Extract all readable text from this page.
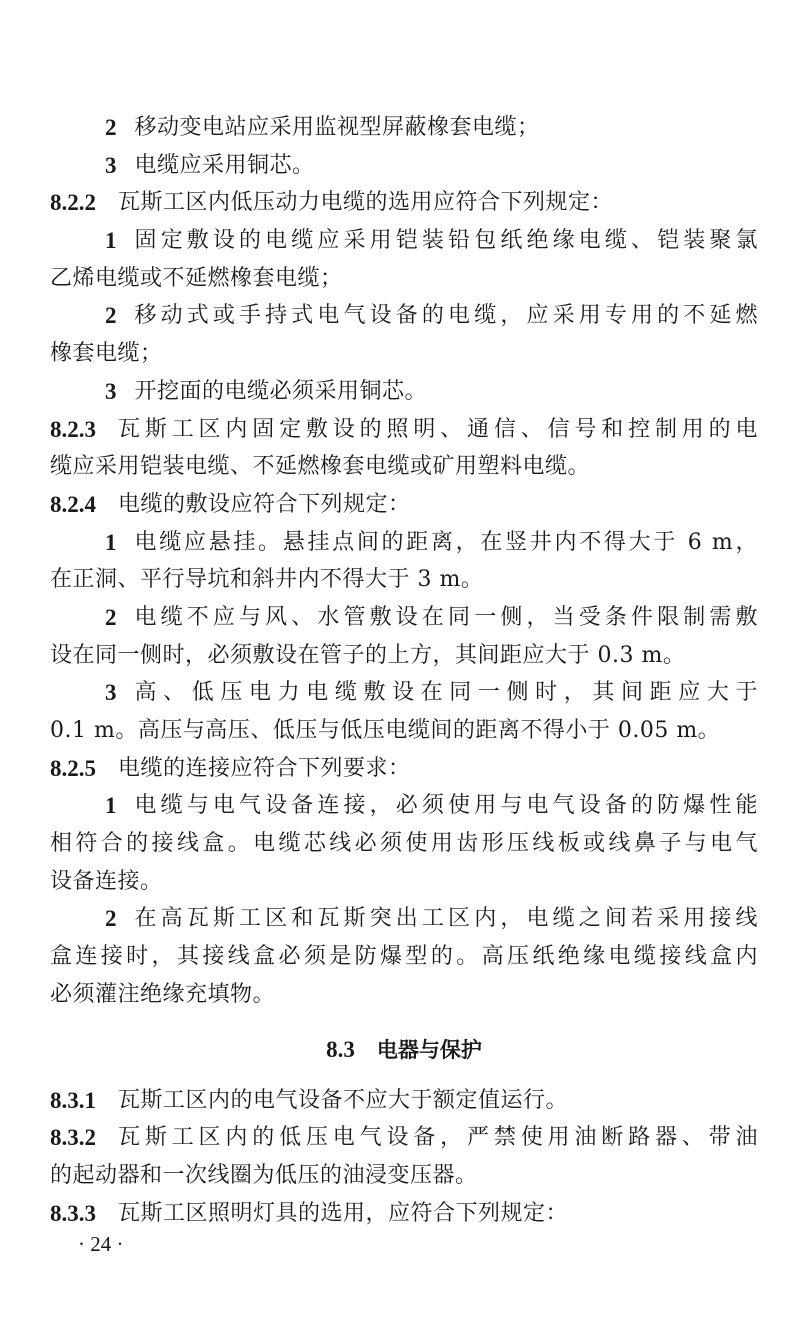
2 移动变电站应采用监视型屏蔽橡套电缆；
3 电缆应采用铜芯。
8.2.2 瓦斯工区内低压动力电缆的选用应符合下列规定：
1 固定敷设的电缆应采用铠装铅包纸绝缘电缆、铠装聚氯
乙烯电缆或不延燃橡套电缆；
2 移动式或手持式电气设备的电缆，应采用专用的不延燃
橡套电缆；
3 开挖面的电缆必须采用铜芯。
8.2.3 瓦斯工区内固定敷设的照明、通信、信号和控制用的电
缆应采用铠装电缆、不延燃橡套电缆或矿用塑料电缆。
8.2.4 电缆的敷设应符合下列规定：
1 电缆应悬挂。悬挂点间的距离，在竖井内不得大于 6 m，
在正洞、平行导坑和斜井内不得大于 3 m。
2 电缆不应与风、水管敷设在同一侧，当受条件限制需敷
设在同一侧时，必须敷设在管子的上方，其间距应大于 0.3 m。
3 高、低压电力电缆敷设在同一侧时，其间距应大于
0.1 m。高压与高压、低压与低压电缆间的距离不得小于 0.05 m。
8.2.5 电缆的连接应符合下列要求：
1 电缆与电气设备连接，必须使用与电气设备的防爆性能
相符合的接线盒。电缆芯线必须使用齿形压线板或线鼻子与电气
设备连接。
2 在高瓦斯工区和瓦斯突出工区内，电缆之间若采用接线
盒连接时，其接线盒必须是防爆型的。高压纸绝缘电缆接线盒内
必须灌注绝缘充填物。
8.3 电器与保护
8.3.1 瓦斯工区内的电气设备不应大于额定值运行。
8.3.2 瓦斯工区内的低压电气设备，严禁使用油断路器、带油
的起动器和一次线圈为低压的油浸变压器。
8.3.3 瓦斯工区照明灯具的选用，应符合下列规定：
· 24 ·
